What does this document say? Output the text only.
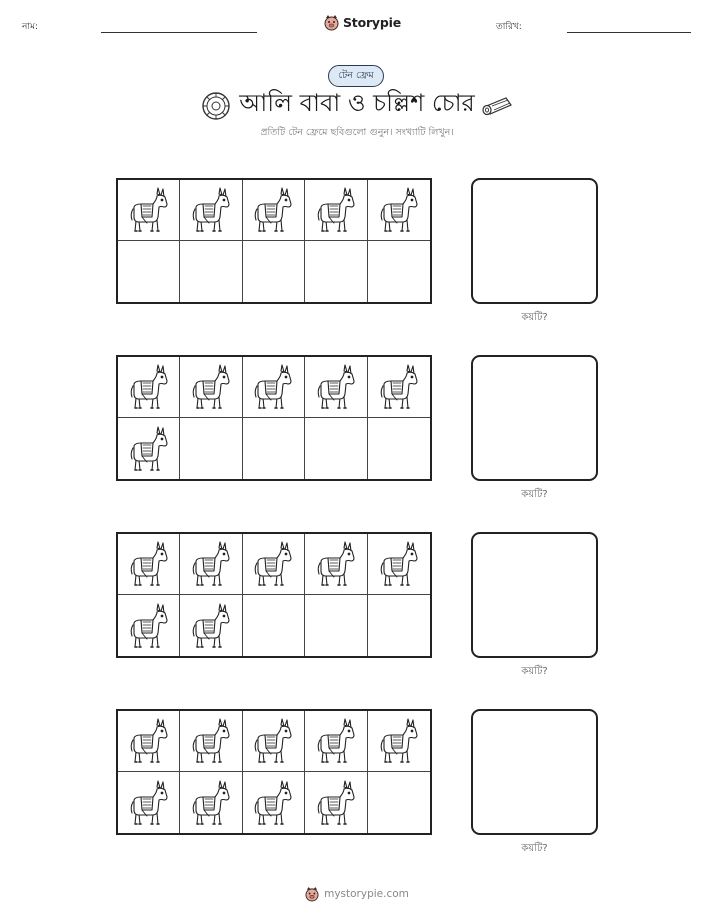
নাম:	Storypie	তারিখ:
টেন ফ্রেম
আলি বাবা ও চল্লিশ চোর
প্রতিটি টেন ফ্রেমে ছবিগুলো গুনুন। সংখ্যাটি লিখুন।
কয়টি?
কয়টি?
কয়টি?
কয়টি?
mystorypie.com
